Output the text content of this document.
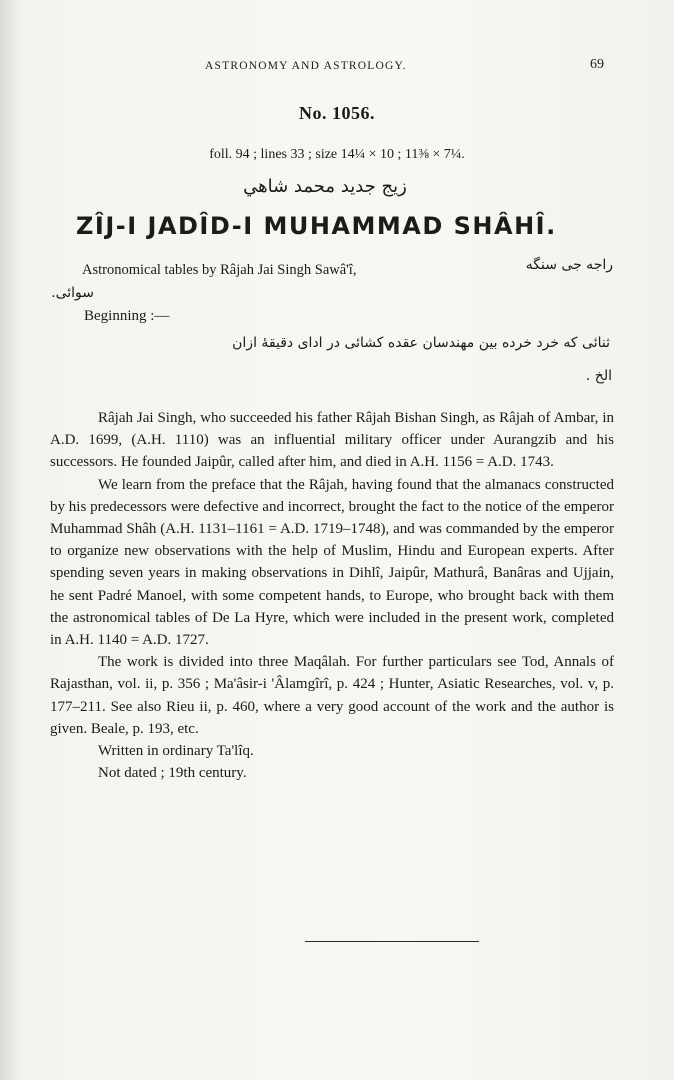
ASTRONOMY AND ASTROLOGY.	69
No. 1056.
foll. 94 ; lines 33 ; size 14¼ × 10 ; 11⅜ × 7¼.
زيج جديد محمد شاهي
ZÎJ-I JADÎD-I MUHAMMAD SHÂHÎ.
Astronomical tables by Râjah Jai Singh Sawâ'î,	راجه جی سنگه
سوائی.
Beginning :—
ثنائی که خرد خرده بین مهندسان عقده کشائی در ادای دقیقهٔ ازان
الخ .

Râjah Jai Singh, who succeeded his father Râjah Bishan Singh, as Râjah of Ambar, in A.D. 1699, (A.H. 1110) was an influential military officer under Aurangzib and his successors. He founded Jaipûr, called after him, and died in A.H. 1156 = A.D. 1743.

We learn from the preface that the Râjah, having found that the almanacs constructed by his predecessors were defective and incorrect, brought the fact to the notice of the emperor Muhammad Shâh (A.H. 1131–1161 = A.D. 1719–1748), and was commanded by the emperor to organize new observations with the help of Muslim, Hindu and European experts. After spending seven years in making observations in Dihlî, Jaipûr, Mathurâ, Banâras and Ujjain, he sent Padré Manoel, with some competent hands, to Europe, who brought back with them the astronomical tables of De La Hyre, which were included in the present work, completed in A.H. 1140 = A.D. 1727.

The work is divided into three Maqâlah. For further particulars see Tod, Annals of Rajasthan, vol. ii, p. 356 ; Ma'âsir-i 'Âlamgîrî, p. 424 ; Hunter, Asiatic Researches, vol. v, p. 177–211. See also Rieu ii, p. 460, where a very good account of the work and the author is given. Beale, p. 193, etc.

Written in ordinary Ta'lîq.

Not dated ; 19th century.
